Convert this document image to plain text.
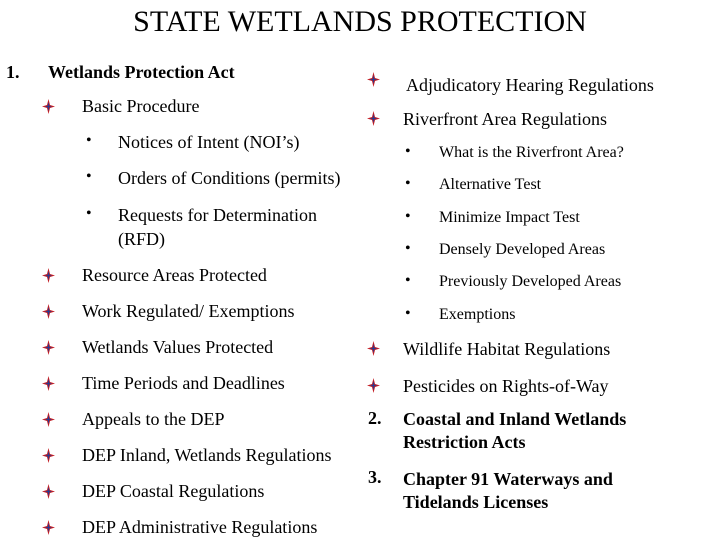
STATE WETLANDS PROTECTION
1. Wetlands Protection Act
Basic Procedure
• Notices of Intent (NOI’s)
• Orders of Conditions (permits)
• Requests for Determination
(RFD)
Resource Areas Protected
Work Regulated/ Exemptions
Wetlands Values Protected
Time Periods and Deadlines
Appeals to the DEP
DEP Inland, Wetlands Regulations
DEP Coastal Regulations
DEP Administrative Regulations
Adjudicatory Hearing Regulations
Riverfront Area Regulations
• What is the Riverfront Area?
• Alternative Test
• Minimize Impact Test
• Densely Developed Areas
• Previously Developed Areas
• Exemptions
Wildlife Habitat Regulations
Pesticides on Rights-of-Way
2. Coastal and Inland Wetlands
Restriction Acts
3. Chapter 91 Waterways and
Tidelands Licenses
